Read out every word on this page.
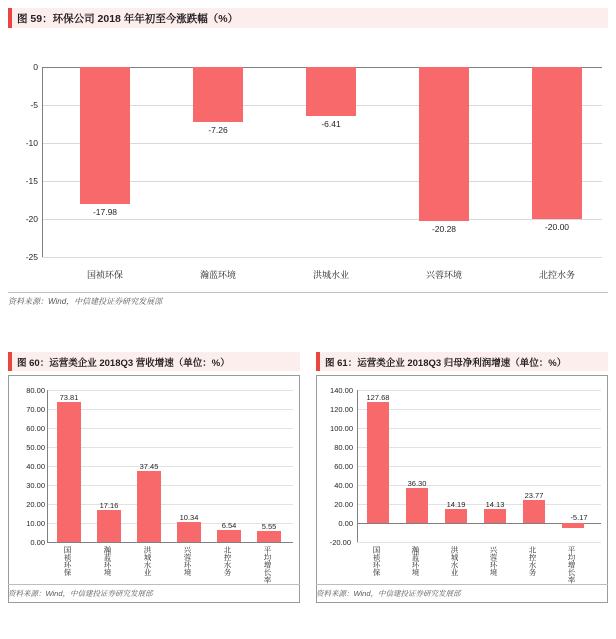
图 59：环保公司 2018 年年初至今涨跌幅（%）
0
-5
-10
-15
-20
-25
-17.98
-7.26
-6.41
-20.28	-20.00
国祯环保	瀚蓝环境	洪城水业	兴蓉环境	北控水务
资料来源：Wind，中信建投证券研究发展部
图 60：运营类企业 2018Q3 营收增速（单位：%）
80.00
70.00
60.00
50.00
40.00
30.00
20.00
10.00
0.00
73.81
17.16
37.45
10.34
6.54	5.55
国祯环保	瀚蓝环境	洪城水业	兴蓉环境	北控水务	平均增长率
资料来源：Wind，中信建投证券研究发展部
图 61：运营类企业 2018Q3 归母净利润增速（单位：%）
140.00
120.00
100.00
80.00
60.00
40.00
20.00
0.00
-20.00
127.68
36.30
14.19	14.13
23.77
-5.17
国祯环保	瀚蓝环境	洪城水业	兴蓉环境	北控水务	平均增长率
资料来源：Wind，中信建投证券研究发展部
